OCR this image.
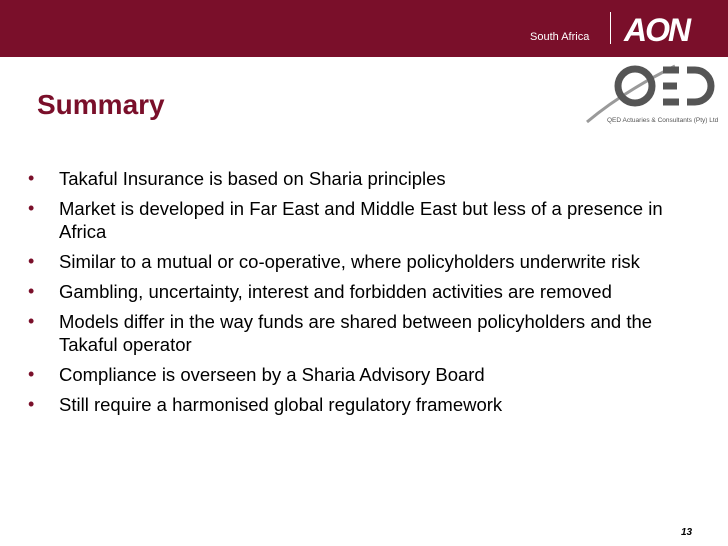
South Africa AON
Summary
QED Actuaries & Consultants (Pty) Ltd
• Takaful Insurance is based on Sharia principles
• Market is developed in Far East and Middle East but less of a presence in Africa
• Similar to a mutual or co-operative, where policyholders underwrite risk
• Gambling, uncertainty, interest and forbidden activities are removed
• Models differ in the way funds are shared between policyholders and the Takaful operator
• Compliance is overseen by a Sharia Advisory Board
• Still require a harmonised global regulatory framework
13
